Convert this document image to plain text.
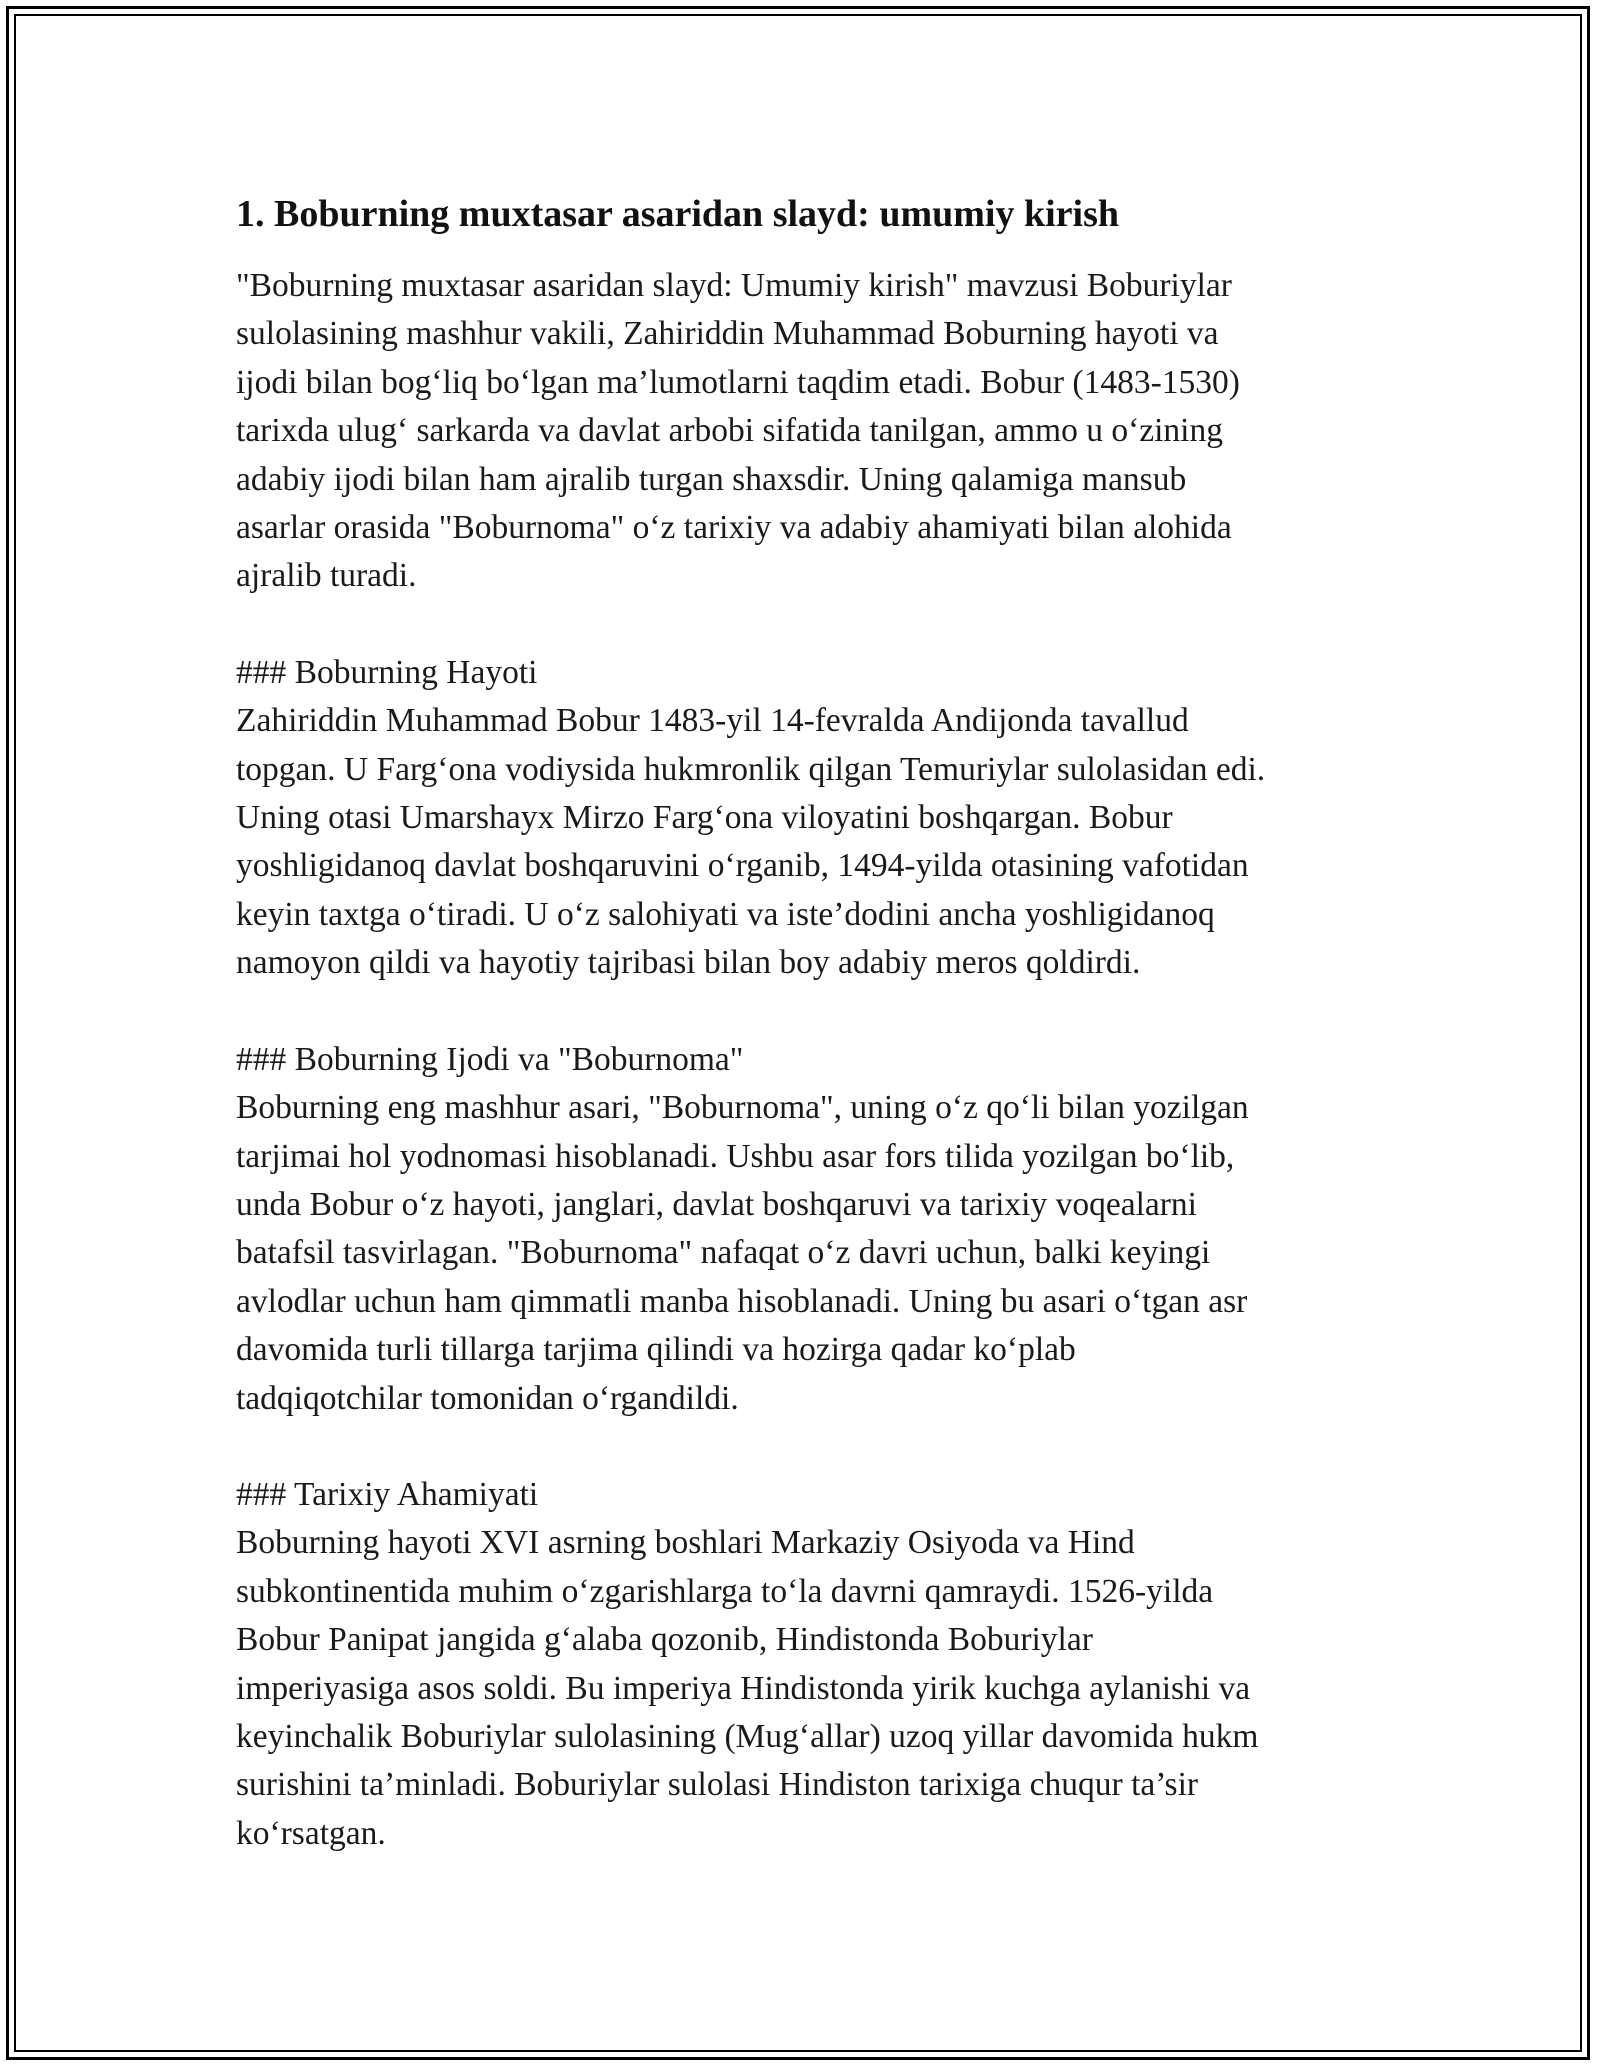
1. Boburning muxtasar asaridan slayd: umumiy kirish

"Boburning muxtasar asaridan slayd: Umumiy kirish" mavzusi Boburiylar
sulolasining mashhur vakili, Zahiriddin Muhammad Boburning hayoti va
ijodi bilan bog‘liq bo‘lgan ma’lumotlarni taqdim etadi. Bobur (1483-1530)
tarixda ulug‘ sarkarda va davlat arbobi sifatida tanilgan, ammo u o‘zining
adabiy ijodi bilan ham ajralib turgan shaxsdir. Uning qalamiga mansub
asarlar orasida "Boburnoma" o‘z tarixiy va adabiy ahamiyati bilan alohida
ajralib turadi.

### Boburning Hayoti

Zahiriddin Muhammad Bobur 1483-yil 14-fevralda Andijonda tavallud
topgan. U Farg‘ona vodiysida hukmronlik qilgan Temuriylar sulolasidan edi.
Uning otasi Umarshayx Mirzo Farg‘ona viloyatini boshqargan. Bobur
yoshligidanoq davlat boshqaruvini o‘rganib, 1494-yilda otasining vafotidan
keyin taxtga o‘tiradi. U o‘z salohiyati va iste’dodini ancha yoshligidanoq
namoyon qildi va hayotiy tajribasi bilan boy adabiy meros qoldirdi.

### Boburning Ijodi va "Boburnoma"

Boburning eng mashhur asari, "Boburnoma", uning o‘z qo‘li bilan yozilgan
tarjimai hol yodnomasi hisoblanadi. Ushbu asar fors tilida yozilgan bo‘lib,
unda Bobur o‘z hayoti, janglari, davlat boshqaruvi va tarixiy voqealarni
batafsil tasvirlagan. "Boburnoma" nafaqat o‘z davri uchun, balki keyingi
avlodlar uchun ham qimmatli manba hisoblanadi. Uning bu asari o‘tgan asr
davomida turli tillarga tarjima qilindi va hozirga qadar ko‘plab
tadqiqotchilar tomonidan o‘rgandildi.

### Tarixiy Ahamiyati

Boburning hayoti XVI asrning boshlari Markaziy Osiyoda va Hind
subkontinentida muhim o‘zgarishlarga to‘la davrni qamraydi. 1526-yilda
Bobur Panipat jangida g‘alaba qozonib, Hindistonda Boburiylar
imperiyasiga asos soldi. Bu imperiya Hindistonda yirik kuchga aylanishi va
keyinchalik Boburiylar sulolasining (Mug‘allar) uzoq yillar davomida hukm
surishini ta’minladi. Boburiylar sulolasi Hindiston tarixiga chuqur ta’sir
ko‘rsatgan.
